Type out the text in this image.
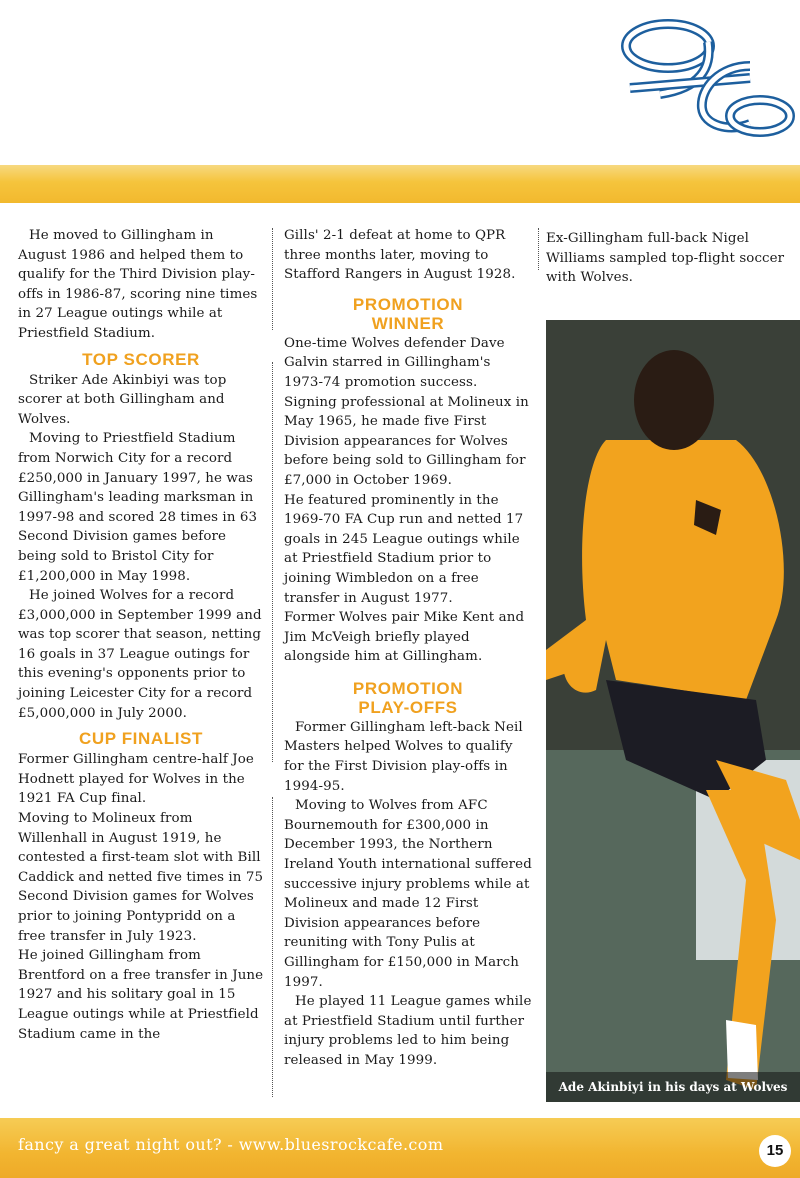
He moved to Gillingham in August 1986 and helped them to qualify for the Third Division play-offs in 1986-87, scoring nine times in 27 League outings while at Priestfield Stadium.

TOP SCORER

Striker Ade Akinbiyi was top scorer at both Gillingham and Wolves.

Moving to Priestfield Stadium from Norwich City for a record £250,000 in January 1997, he was Gillingham's leading marksman in 1997-98 and scored 28 times in 63 Second Division games before being sold to Bristol City for £1,200,000 in May 1998.

He joined Wolves for a record £3,000,000 in September 1999 and was top scorer that season, netting 16 goals in 37 League outings for this evening's opponents prior to joining Leicester City for a record £5,000,000 in July 2000.

CUP FINALIST

Former Gillingham centre-half Joe Hodnett played for Wolves in the 1921 FA Cup final.

Moving to Molineux from Willenhall in August 1919, he contested a first-team slot with Bill Caddick and netted five times in 75 Second Division games for Wolves prior to joining Pontypridd on a free transfer in July 1923.

He joined Gillingham from Brentford on a free transfer in June 1927 and his solitary goal in 15 League outings while at Priestfield Stadium came in the

Gills' 2-1 defeat at home to QPR three months later, moving to Stafford Rangers in August 1928.

PROMOTION
WINNER

One-time Wolves defender Dave Galvin starred in Gillingham's 1973-74 promotion success.

Signing professional at Molineux in May 1965, he made five First Division appearances for Wolves before being sold to Gillingham for £7,000 in October 1969.

He featured prominently in the 1969-70 FA Cup run and netted 17 goals in 245 League outings while at Priestfield Stadium prior to joining Wimbledon on a free transfer in August 1977.

Former Wolves pair Mike Kent and Jim McVeigh briefly played alongside him at Gillingham.

PROMOTION
PLAY-OFFS

Former Gillingham left-back Neil Masters helped Wolves to qualify for the First Division play-offs in 1994-95.

Moving to Wolves from AFC Bournemouth for £300,000 in December 1993, the Northern Ireland Youth international suffered successive injury problems while at Molineux and made 12 First Division appearances before reuniting with Tony Pulis at Gillingham for £150,000 in March 1997.

He played 11 League games while at Priestfield Stadium until further injury problems led to him being released in May 1999.

Ex-Gillingham full-back Nigel Williams sampled top-flight soccer with Wolves.

Ade Akinbiyi in his days at Wolves
fancy a great night out? - www.bluesrockcafe.com	15
